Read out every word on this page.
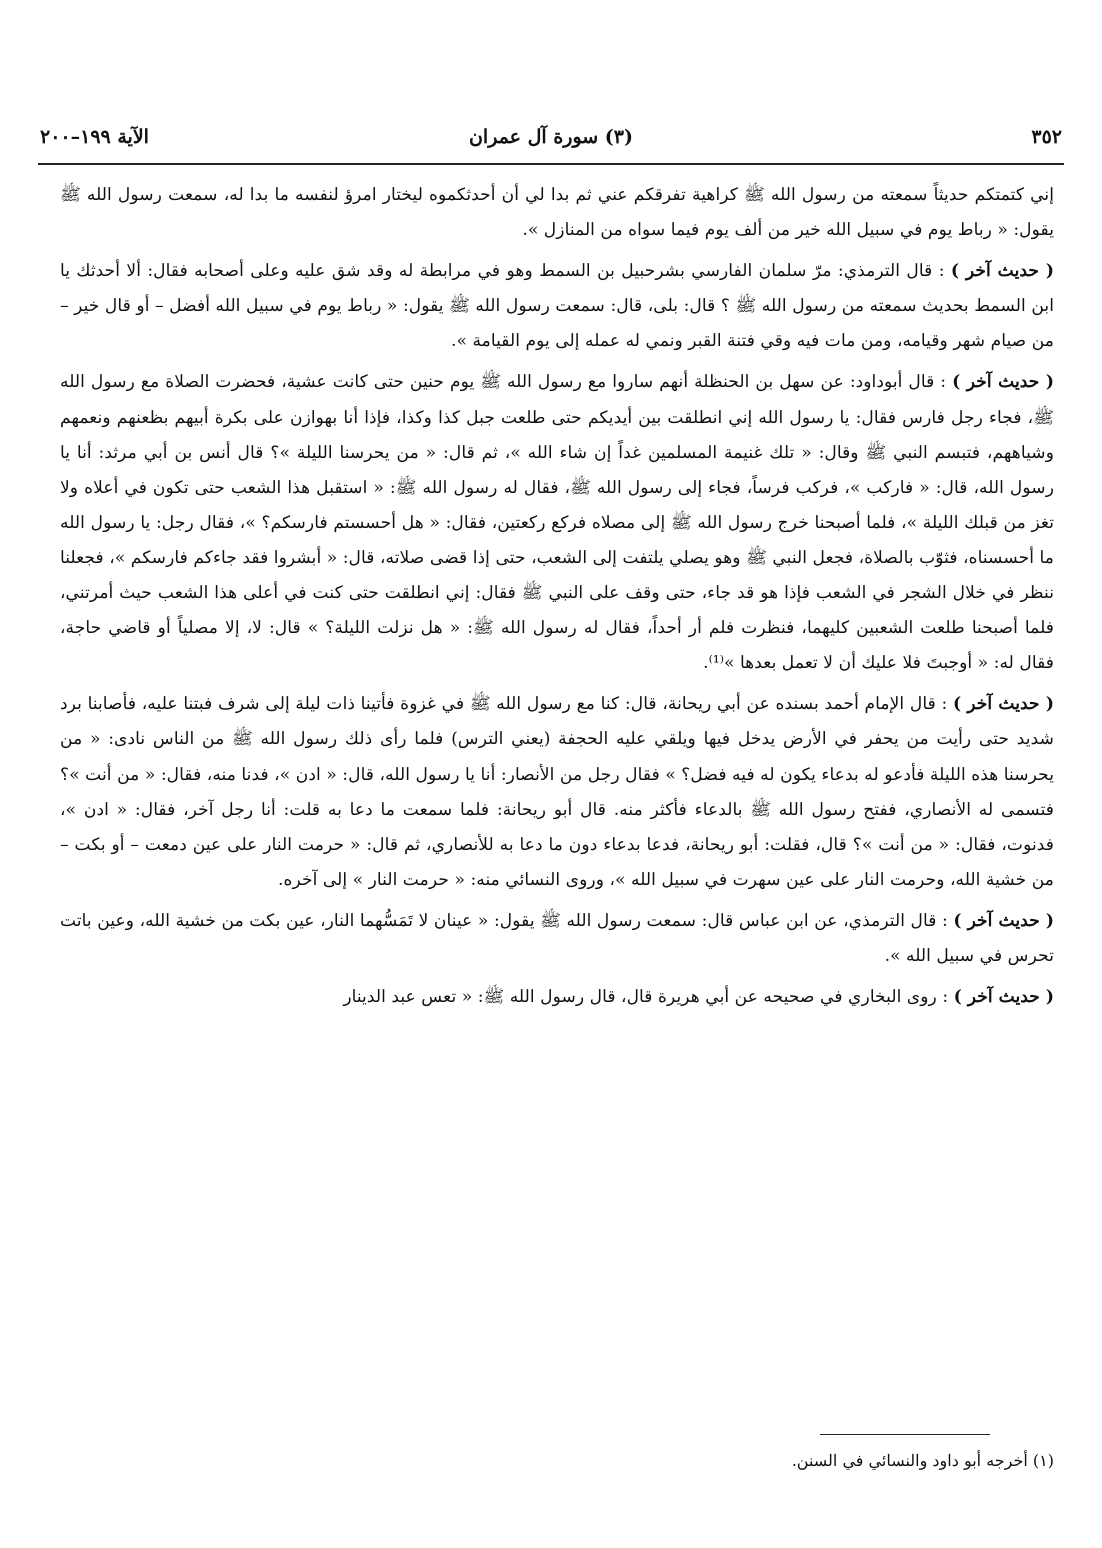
٣٥٢
(٣) سورة آل عمران
الآية ١٩٩–٢٠٠

إني كتمتكم حديثاً سمعته من رسول الله ﷺ كراهية تفرقكم عني ثم بدا لي أن أحدثكموه ليختار امرؤ لنفسه ما بدا له، سمعت رسول الله ﷺ يقول: « رباط يوم في سبيل الله خير من ألف يوم فيما سواه من المنازل ».

( حديث آخر ) : قال الترمذي: مرّ سلمان الفارسي بشرحبيل بن السمط وهو في مرابطة له وقد شق عليه وعلى أصحابه فقال: ألا أحدثك يا ابن السمط بحديث سمعته من رسول الله ﷺ ؟ قال: بلى، قال: سمعت رسول الله ﷺ يقول: « رباط يوم في سبيل الله أفضل – أو قال خير – من صيام شهر وقيامه، ومن مات فيه وقي فتنة القبر ونمي له عمله إلى يوم القيامة ».

( حديث آخر ) : قال أبوداود: عن سهل بن الحنظلة أنهم ساروا مع رسول الله ﷺ يوم حنين حتى كانت عشية، فحضرت الصلاة مع رسول الله ﷺ، فجاء رجل فارس فقال: يا رسول الله إني انطلقت بين أيديكم حتى طلعت جبل كذا وكذا، فإذا أنا بهوازن على بكرة أبيهم بظعنهم ونعمهم وشياههم، فتبسم النبي ﷺ وقال: « تلك غنيمة المسلمين غداً إن شاء الله »، ثم قال: « من يحرسنا الليلة »؟ قال أنس بن أبي مرثد: أنا يا رسول الله، قال: « فاركب »، فركب فرساً، فجاء إلى رسول الله ﷺ، فقال له رسول الله ﷺ: « استقبل هذا الشعب حتى تكون في أعلاه ولا تغز من قبلك الليلة »، فلما أصبحنا خرج رسول الله ﷺ إلى مصلاه فركع ركعتين، فقال: « هل أحسستم فارسكم؟ »، فقال رجل: يا رسول الله ما أحسسناه، فثوّب بالصلاة، فجعل النبي ﷺ وهو يصلي يلتفت إلى الشعب، حتى إذا قضى صلاته، قال: « أبشروا فقد جاءكم فارسكم »، فجعلنا ننظر في خلال الشجر في الشعب فإذا هو قد جاء، حتى وقف على النبي ﷺ فقال: إني انطلقت حتى كنت في أعلى هذا الشعب حيث أمرتني، فلما أصبحنا طلعت الشعبين كليهما، فنظرت فلم أر أحداً، فقال له رسول الله ﷺ: « هل نزلت الليلة؟ » قال: لا، إلا مصلياً أو قاضي حاجة، فقال له: « أوجبتَ فلا عليك أن لا تعمل بعدها »⁽¹⁾.

( حديث آخر ) : قال الإمام أحمد بسنده عن أبي ريحانة، قال: كنا مع رسول الله ﷺ في غزوة فأتينا ذات ليلة إلى شرف فبتنا عليه، فأصابنا برد شديد حتى رأيت من يحفر في الأرض يدخل فيها ويلقي عليه الحجفة (يعني الترس) فلما رأى ذلك رسول الله ﷺ من الناس نادى: « من يحرسنا هذه الليلة فأدعو له بدعاء يكون له فيه فضل؟ » فقال رجل من الأنصار: أنا يا رسول الله، قال: « ادن »، فدنا منه، فقال: « من أنت »؟ فتسمى له الأنصاري، ففتح رسول الله ﷺ بالدعاء فأكثر منه. قال أبو ريحانة: فلما سمعت ما دعا به قلت: أنا رجل آخر، فقال: « ادن »، فدنوت، فقال: « من أنت »؟ قال، فقلت: أبو ريحانة، فدعا بدعاء دون ما دعا به للأنصاري، ثم قال: « حرمت النار على عين دمعت – أو بكت – من خشية الله، وحرمت النار على عين سهرت في سبيل الله »، وروى النسائي منه: « حرمت النار » إلى آخره.

( حديث آخر ) : قال الترمذي، عن ابن عباس قال: سمعت رسول الله ﷺ يقول: « عينان لا تَمَسُّهما النار، عين بكت من خشية الله، وعين باتت تحرس في سبيل الله ».

( حديث آخر ) : روى البخاري في صحيحه عن أبي هريرة قال، قال رسول الله ﷺ: « تعس عبد الدينار

(١) أخرجه أبو داود والنسائي في السنن.
